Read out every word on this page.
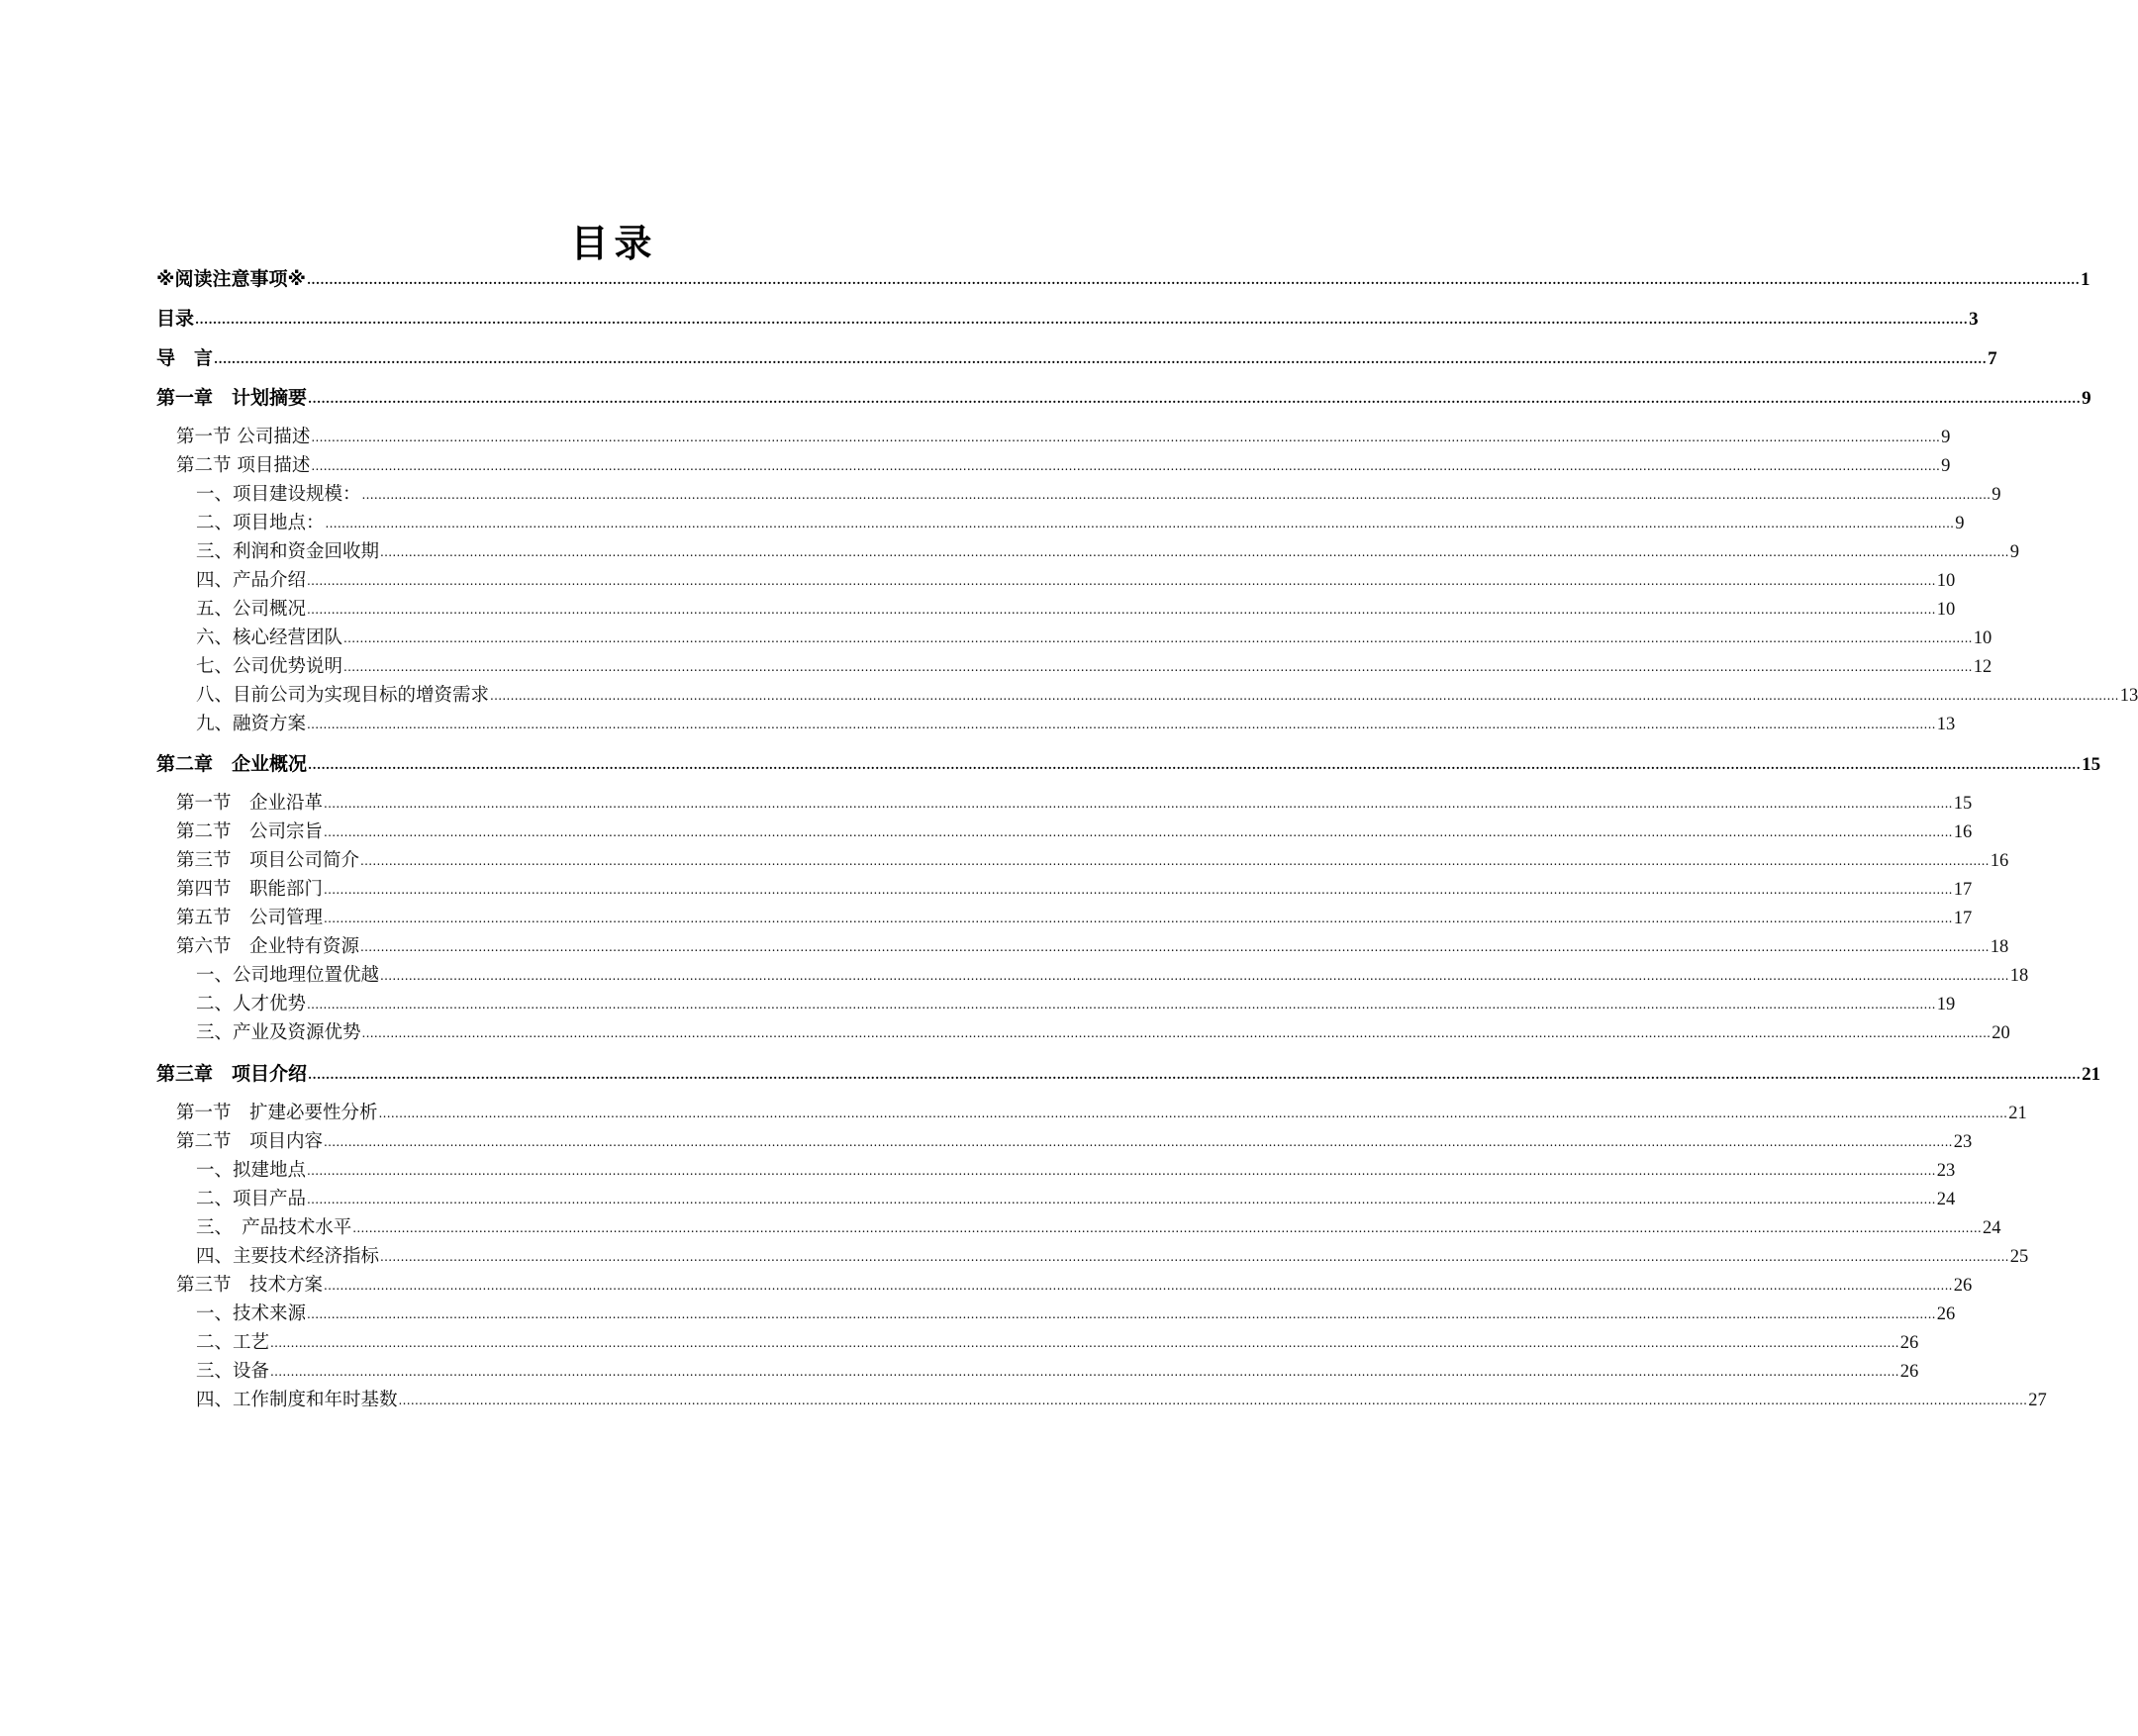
目录
※阅读注意事项※ ................................................................................................................................................................................................................................................................................................................................................................................................................ 1
目录 ................................................................................................................................................................................................................................................................................................................................................................................................................ 3
导　言 ................................................................................................................................................................................................................................................................................................................................................................................................................ 7
第一章　计划摘要 ................................................................................................................................................................................................................................................................................................................................................................................................................ 9
第一节 公司描述 ................................................................................................................................................................................................................................................................................................................................................................................................................ 9
第二节 项目描述 ................................................................................................................................................................................................................................................................................................................................................................................................................ 9
一、项目建设规模： ................................................................................................................................................................................................................................................................................................................................................................................................................ 9
二、项目地点： ................................................................................................................................................................................................................................................................................................................................................................................................................ 9
三、利润和资金回收期 ................................................................................................................................................................................................................................................................................................................................................................................................................ 9
四、产品介绍 ................................................................................................................................................................................................................................................................................................................................................................................................................ 10
五、公司概况 ................................................................................................................................................................................................................................................................................................................................................................................................................ 10
六、核心经营团队 ................................................................................................................................................................................................................................................................................................................................................................................................................ 10
七、公司优势说明 ................................................................................................................................................................................................................................................................................................................................................................................................................ 12
八、目前公司为实现目标的增资需求 ................................................................................................................................................................................................................................................................................................................................................................................................................ 13
九、融资方案 ................................................................................................................................................................................................................................................................................................................................................................................................................ 13
第二章　企业概况 ................................................................................................................................................................................................................................................................................................................................................................................................................ 15
第一节　企业沿革 ................................................................................................................................................................................................................................................................................................................................................................................................................ 15
第二节　公司宗旨 ................................................................................................................................................................................................................................................................................................................................................................................................................ 16
第三节　项目公司简介 ................................................................................................................................................................................................................................................................................................................................................................................................................ 16
第四节　职能部门 ................................................................................................................................................................................................................................................................................................................................................................................................................ 17
第五节　公司管理 ................................................................................................................................................................................................................................................................................................................................................................................................................ 17
第六节　企业特有资源 ................................................................................................................................................................................................................................................................................................................................................................................................................ 18
一、公司地理位置优越 ................................................................................................................................................................................................................................................................................................................................................................................................................ 18
二、人才优势 ................................................................................................................................................................................................................................................................................................................................................................................................................ 19
三、产业及资源优势 ................................................................................................................................................................................................................................................................................................................................................................................................................ 20
第三章　项目介绍 ................................................................................................................................................................................................................................................................................................................................................................................................................ 21
第一节　扩建必要性分析 ................................................................................................................................................................................................................................................................................................................................................................................................................ 21
第二节　项目内容 ................................................................................................................................................................................................................................................................................................................................................................................................................ 23
一、拟建地点 ................................................................................................................................................................................................................................................................................................................................................................................................................ 23
二、项目产品 ................................................................................................................................................................................................................................................................................................................................................................................................................ 24
三、　产品技术水平 ................................................................................................................................................................................................................................................................................................................................................................................................................ 24
四、主要技术经济指标 ................................................................................................................................................................................................................................................................................................................................................................................................................ 25
第三节　技术方案 ................................................................................................................................................................................................................................................................................................................................................................................................................ 26
一、技术来源 ................................................................................................................................................................................................................................................................................................................................................................................................................ 26
二、工艺 ................................................................................................................................................................................................................................................................................................................................................................................................................ 26
三、设备 ................................................................................................................................................................................................................................................................................................................................................................................................................ 26
四、工作制度和年时基数 ................................................................................................................................................................................................................................................................................................................................................................................................................ 27
